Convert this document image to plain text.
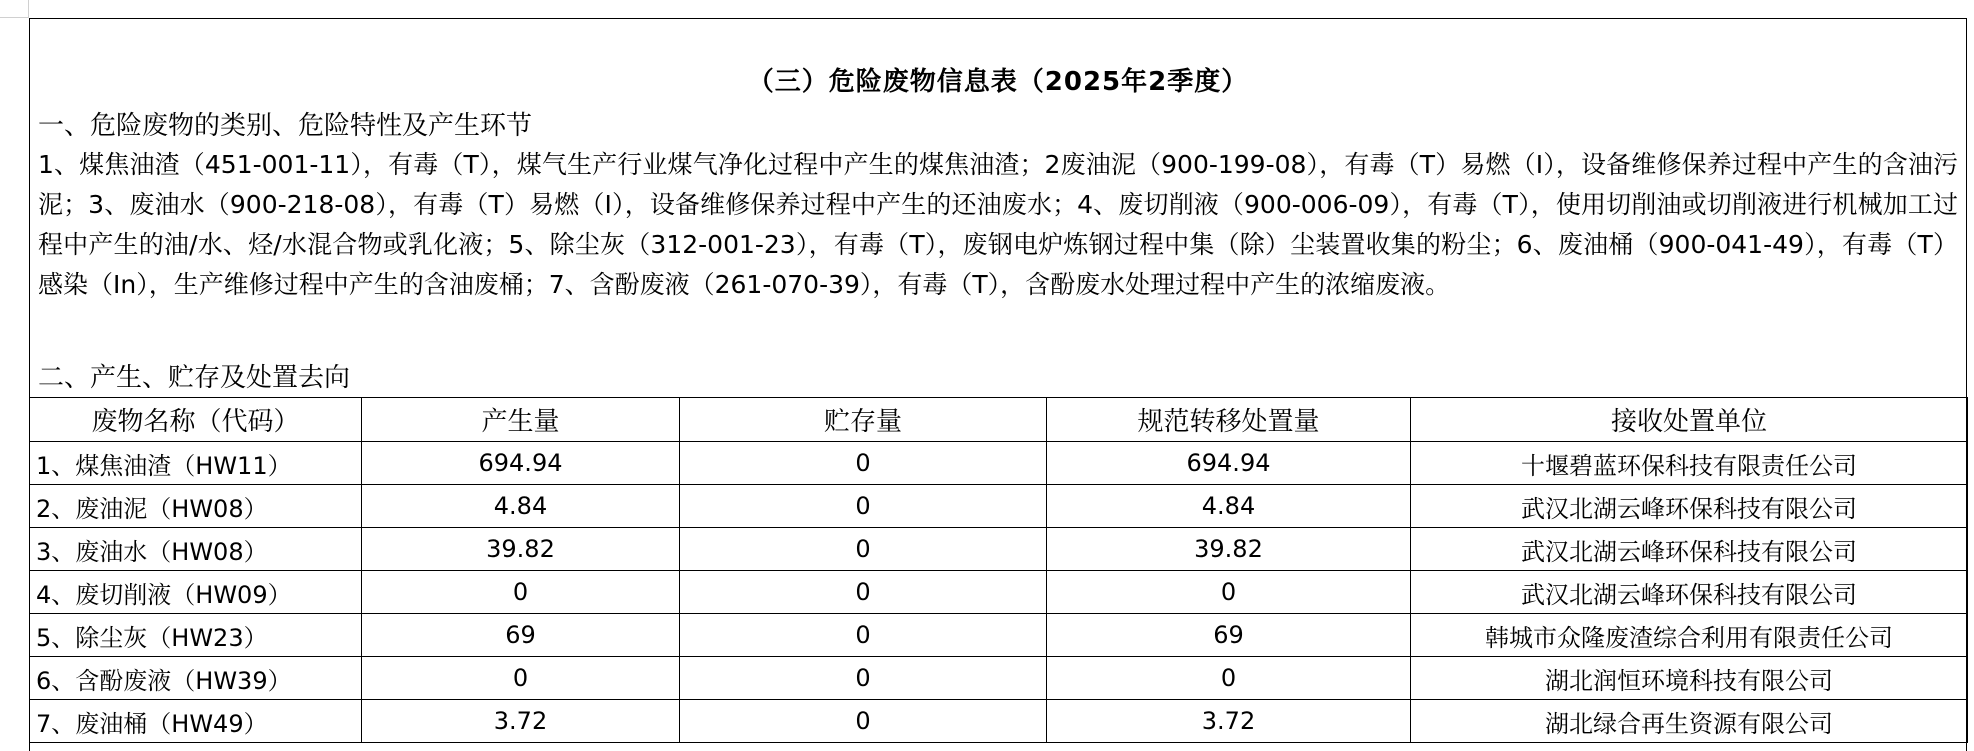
（三）危险废物信息表（2025年2季度）
一、危险废物的类别、危险特性及产生环节
1、煤焦油渣（451-001-11），有毒（T），煤气生产行业煤气净化过程中产生的煤焦油渣；2废油泥（900-199-08），有毒（T）易燃（I），设备维修保养过程中产生的含油污泥；3、废油水（900-218-08），有毒（T）易燃（I），设备维修保养过程中产生的还油废水；4、废切削液（900-006-09），有毒（T），使用切削油或切削液进行机械加工过程中产生的油/水、烃/水混合物或乳化液；5、除尘灰（312-001-23），有毒（T），废钢电炉炼钢过程中集（除）尘装置收集的粉尘；6、废油桶（900-041-49），有毒（T）感染（In），生产维修过程中产生的含油废桶；7、含酚废液（261-070-39），有毒（T），含酚废水处理过程中产生的浓缩废液。
二、产生、贮存及处置去向
废物名称（代码）	产生量	贮存量	规范转移处置量	接收处置单位
1、煤焦油渣（HW11）	694.94	0	694.94	十堰碧蓝环保科技有限责任公司
2、废油泥（HW08）	4.84	0	4.84	武汉北湖云峰环保科技有限公司
3、废油水（HW08）	39.82	0	39.82	武汉北湖云峰环保科技有限公司
4、废切削液（HW09）	0	0	0	武汉北湖云峰环保科技有限公司
5、除尘灰（HW23）	69	0	69	韩城市众隆废渣综合利用有限责任公司
6、含酚废液（HW39）	0	0	0	湖北润恒环境科技有限公司
7、废油桶（HW49）	3.72	0	3.72	湖北绿合再生资源有限公司
